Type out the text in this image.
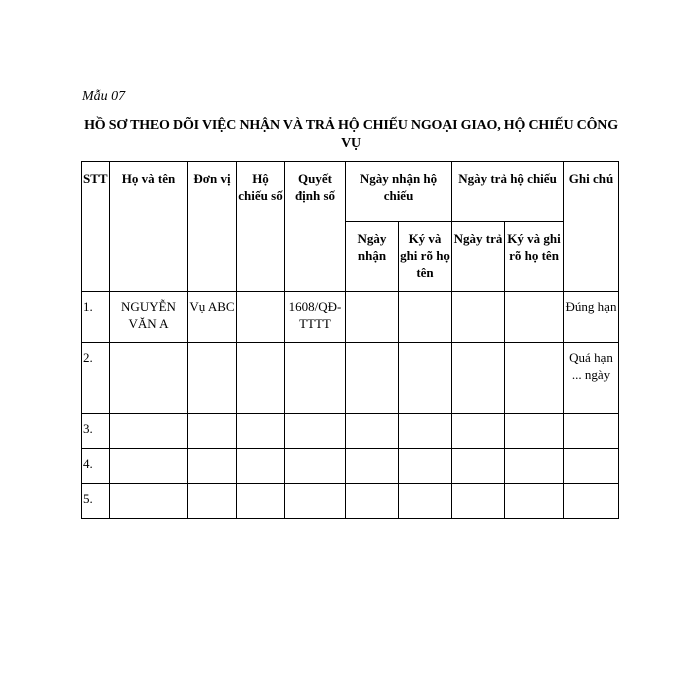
Mẫu 07
HỒ SƠ THEO DÕI VIỆC NHẬN VÀ TRẢ HỘ CHIẾU NGOẠI GIAO, HỘ CHIẾU CÔNG VỤ
STT	Họ và tên	Đơn vị	Hộ chiếu số	Quyết định số	Ngày nhận hộ chiếu		Ngày trả hộ chiếu		Ghi chú
					Ngày nhận	Ký và ghi rõ họ tên	Ngày trả	Ký và ghi rõ họ tên	
1.	NGUYỄN VĂN A	Vụ ABC		1608/QĐ-TTTT					Đúng hạn
2.									Quá hạn ... ngày
3.									
4.									
5.									
